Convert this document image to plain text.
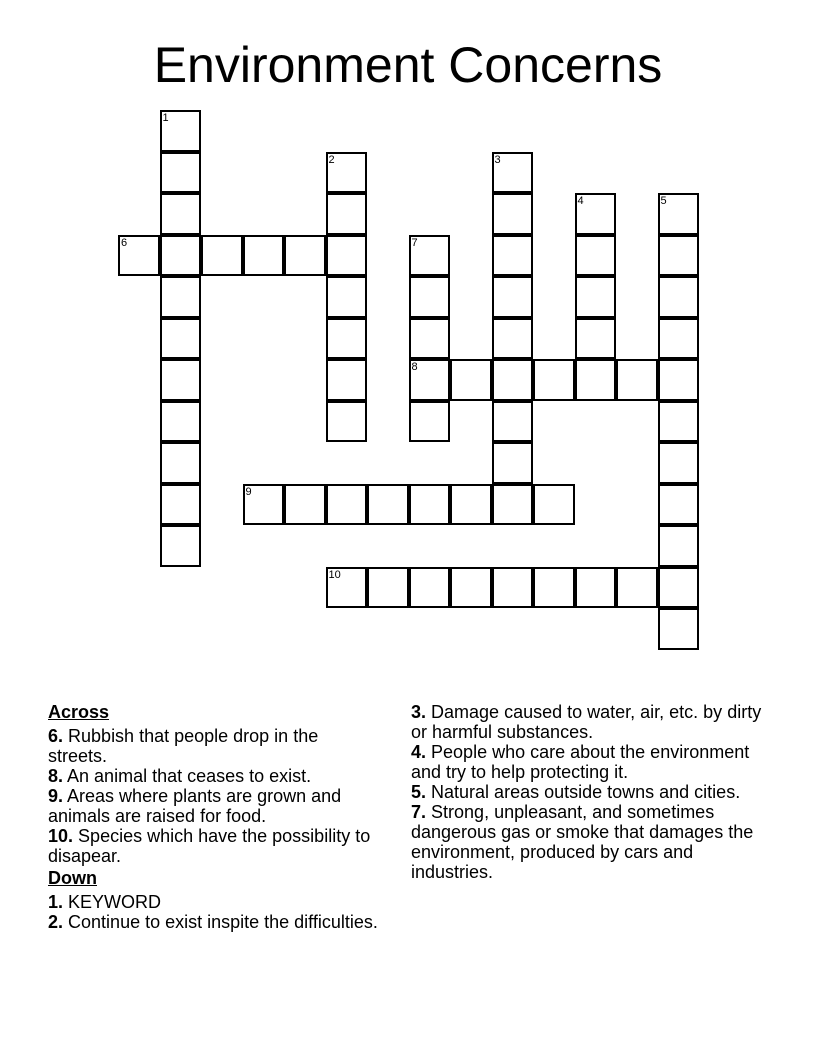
Environment Concerns
1
2	3
4	5
6	7
8
9
10
Across
6. Rubbish that people drop in the streets.
8. An animal that ceases to exist.
9. Areas where plants are grown and animals are raised for food.
10. Species which have the possibility to disapear.
Down
1. KEYWORD
2. Continue to exist inspite the difficulties.
3. Damage caused to water, air, etc. by dirty or harmful substances.
4. People who care about the environment and try to help protecting it.
5. Natural areas outside towns and cities.
7. Strong, unpleasant, and sometimes dangerous gas or smoke that damages the environment, produced by cars and industries.
